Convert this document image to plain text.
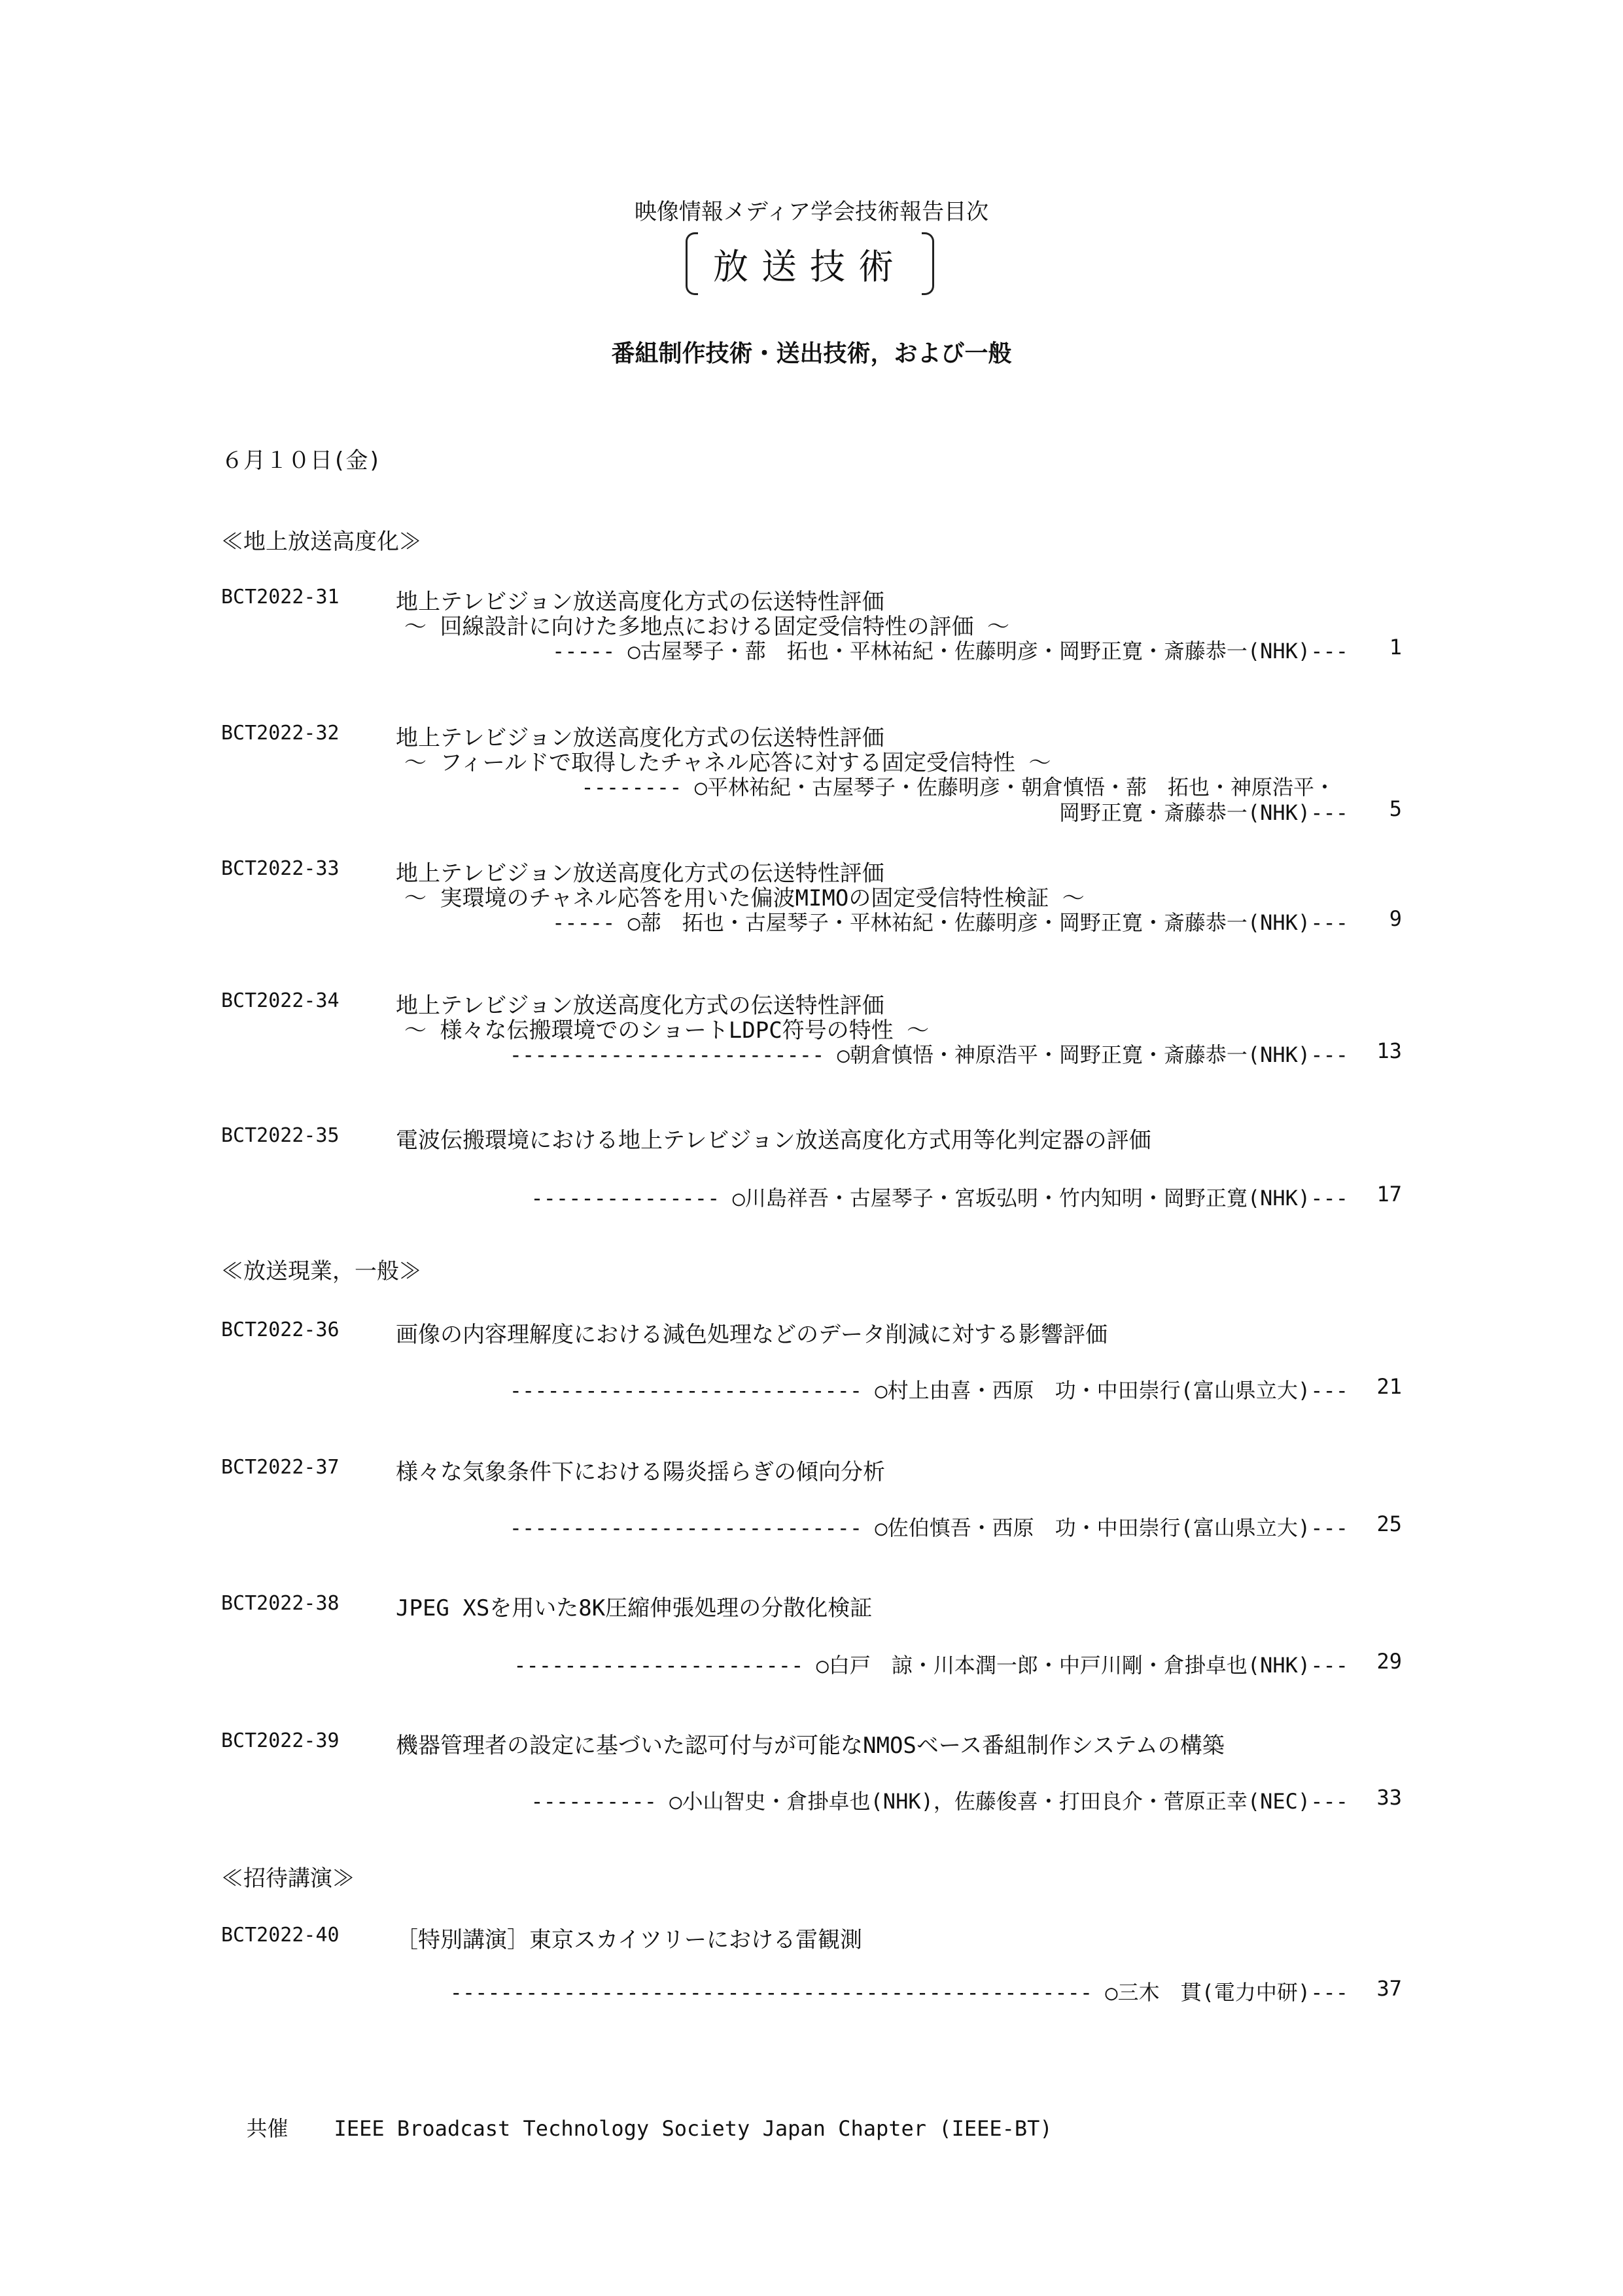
映像情報メディア学会技術報告目次
放送技術
番組制作技術・送出技術，および一般
６月１０日(金)
≪地上放送高度化≫
BCT2022-31	地上テレビジョン放送高度化方式の伝送特性評価
～ 回線設計に向けた多地点における固定受信特性の評価 ～
----- ○古屋琴子・蔀　拓也・平林祐紀・佐藤明彦・岡野正寛・斎藤恭一(NHK)---	1
BCT2022-32	地上テレビジョン放送高度化方式の伝送特性評価
～ フィールドで取得したチャネル応答に対する固定受信特性 ～
-------- ○平林祐紀・古屋琴子・佐藤明彦・朝倉慎悟・蔀　拓也・神原浩平・
岡野正寛・斎藤恭一(NHK)---	5
BCT2022-33	地上テレビジョン放送高度化方式の伝送特性評価
～ 実環境のチャネル応答を用いた偏波MIMOの固定受信特性検証 ～
----- ○蔀　拓也・古屋琴子・平林祐紀・佐藤明彦・岡野正寛・斎藤恭一(NHK)---	9
BCT2022-34	地上テレビジョン放送高度化方式の伝送特性評価
～ 様々な伝搬環境でのショートLDPC符号の特性 ～
------------------------- ○朝倉慎悟・神原浩平・岡野正寛・斎藤恭一(NHK)---	13
BCT2022-35	電波伝搬環境における地上テレビジョン放送高度化方式用等化判定器の評価
--------------- ○川島祥吾・古屋琴子・宮坂弘明・竹内知明・岡野正寛(NHK)---	17
≪放送現業，一般≫
BCT2022-36	画像の内容理解度における減色処理などのデータ削減に対する影響評価
---------------------------- ○村上由喜・西原　功・中田崇行(富山県立大)---	21
BCT2022-37	様々な気象条件下における陽炎揺らぎの傾向分析
---------------------------- ○佐伯慎吾・西原　功・中田崇行(富山県立大)---	25
BCT2022-38	JPEG XSを用いた8K圧縮伸張処理の分散化検証
----------------------- ○白戸　諒・川本潤一郎・中戸川剛・倉掛卓也(NHK)---	29
BCT2022-39	機器管理者の設定に基づいた認可付与が可能なNMOSベース番組制作システムの構築
---------- ○小山智史・倉掛卓也(NHK)，佐藤俊喜・打田良介・菅原正幸(NEC)---	33
≪招待講演≫
BCT2022-40	［特別講演］東京スカイツリーにおける雷観測
--------------------------------------------------- ○三木　貫(電力中研)---	37

共催 IEEE Broadcast Technology Society Japan Chapter (IEEE-BT)
